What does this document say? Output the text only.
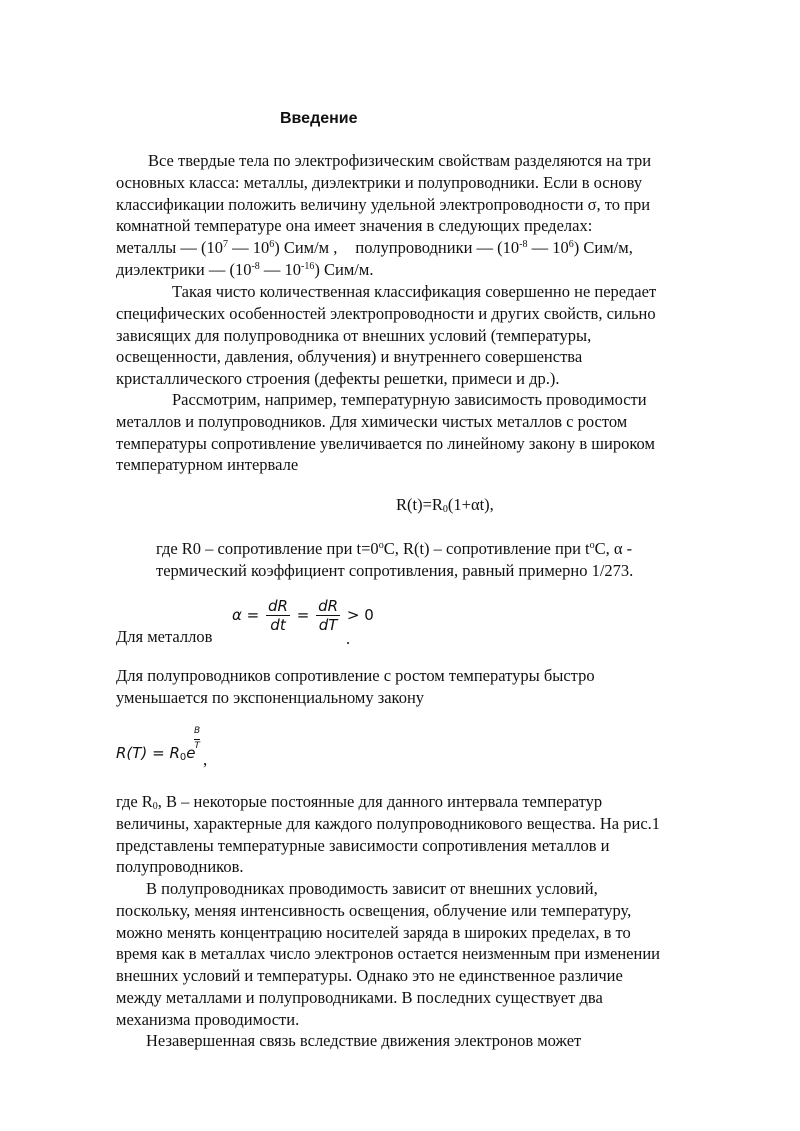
Введение
Все твердые тела по электрофизическим свойствам разделяются на три
основных класса: металлы, диэлектрики и полупроводники. Если в основу
классификации положить величину удельной электропроводности σ, то при
комнатной температуре она имеет значения в следующих пределах:
металлы — ($10^7$ — $10^6$) Сим/м , полупроводники — ($10^{-8}$ — $10^6$) Сим/м,
диэлектрики — ($10^{-8}$ — $10^{-16}$) Сим/м.
Такая чисто количественная классификация совершенно не передает
специфических особенностей электропроводности и других свойств, сильно
зависящих для полупроводника от внешних условий (температуры,
освещенности, давления, облучения) и внутреннего совершенства
кристаллического строения (дефекты решетки, примеси и др.).
Рассмотрим, например, температурную зависимость проводимости
металлов и полупроводников. Для химически чистых металлов с ростом
температуры сопротивление увеличивается по линейному закону в широком
температурном интервале
$R(t)=R_0(1+\alpha t)$,
где R0 – сопротивление при $t=0^oC$, R(t) – сопротивление при $t^oC$, α -
термический коэффициент сопротивления, равный примерно 1/273.
Для металлов
$\alpha = \frac{dR}{dt} = \frac{dR}{dT} > 0$
.
Для полупроводников сопротивление с ростом температуры быстро
уменьшается по экспоненциальному закону
$R(T) = R_0e$
B
T
,
где $R_0$, B – некоторые постоянные для данного интервала температур
величины, характерные для каждого полупроводникового вещества. На рис.1
представлены температурные зависимости сопротивления металлов и
полупроводников.
В полупроводниках проводимость зависит от внешних условий,
поскольку, меняя интенсивность освещения, облучение или температуру,
можно менять концентрацию носителей заряда в широких пределах, в то
время как в металлах число электронов остается неизменным при изменении
внешних условий и температуры. Однако это не единственное различие
между металлами и полупроводниками. В последних существует два
механизма проводимости.
Незавершенная связь вследствие движения электронов может
